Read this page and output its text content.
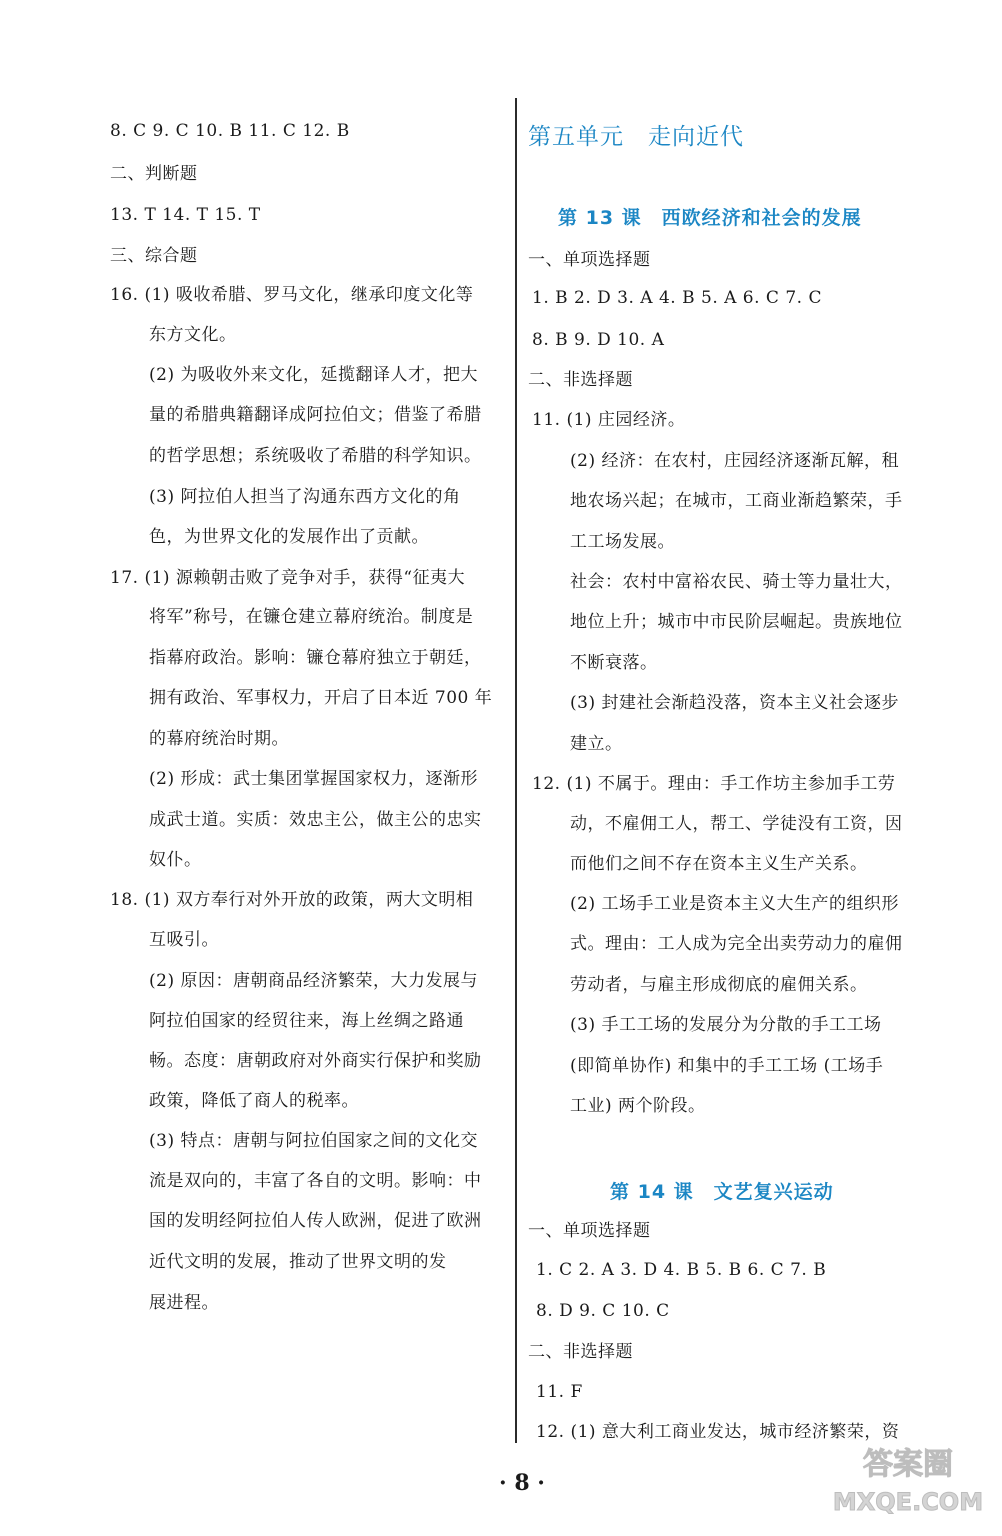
8. C 9. C 10. B 11. C 12. B
二、判断题
13. T 14. T 15. T
三、综合题
16. (1) 吸收希腊、罗马文化，继承印度文化等
东方文化。
(2) 为吸收外来文化，延揽翻译人才，把大
量的希腊典籍翻译成阿拉伯文；借鉴了希腊
的哲学思想；系统吸收了希腊的科学知识。
(3) 阿拉伯人担当了沟通东西方文化的角
色，为世界文化的发展作出了贡献。
17. (1) 源赖朝击败了竞争对手，获得“征夷大
将军”称号，在镰仓建立幕府统治。制度是
指幕府政治。影响：镰仓幕府独立于朝廷，
拥有政治、军事权力，开启了日本近 700 年
的幕府统治时期。
(2) 形成：武士集团掌握国家权力，逐渐形
成武士道。实质：效忠主公，做主公的忠实
奴仆。
18. (1) 双方奉行对外开放的政策，两大文明相
互吸引。
(2) 原因：唐朝商品经济繁荣，大力发展与
阿拉伯国家的经贸往来，海上丝绸之路通
畅。态度：唐朝政府对外商实行保护和奖励
政策，降低了商人的税率。
(3) 特点：唐朝与阿拉伯国家之间的文化交
流是双向的，丰富了各自的文明。影响：中
国的发明经阿拉伯人传人欧洲，促进了欧洲
近代文明的发展，推动了世界文明的发
展进程。
第五单元　走向近代
第 13 课　西欧经济和社会的发展
一、单项选择题
1. B 2. D 3. A 4. B 5. A 6. C 7. C
8. B 9. D 10. A
二、非选择题
11. (1) 庄园经济。
(2) 经济：在农村，庄园经济逐渐瓦解，租
地农场兴起；在城市，工商业渐趋繁荣，手
工工场发展。
社会：农村中富裕农民、骑士等力量壮大，
地位上升；城市中市民阶层崛起。贵族地位
不断衰落。
(3) 封建社会渐趋没落，资本主义社会逐步
建立。
12. (1) 不属于。理由：手工作坊主参加手工劳
动，不雇佣工人，帮工、学徒没有工资，因
而他们之间不存在资本主义生产关系。
(2) 工场手工业是资本主义大生产的组织形
式。理由：工人成为完全出卖劳动力的雇佣
劳动者，与雇主形成彻底的雇佣关系。
(3) 手工工场的发展分为分散的手工工场
(即简单协作) 和集中的手工工场 (工场手
工业) 两个阶段。
第 14 课　文艺复兴运动
一、单项选择题
1. C 2. A 3. D 4. B 5. B 6. C 7. B
8. D 9. C 10. C
二、非选择题
11. F
12. (1) 意大利工商业发达，城市经济繁荣，资
· 8 ·
答案圈
MXQE.COM
